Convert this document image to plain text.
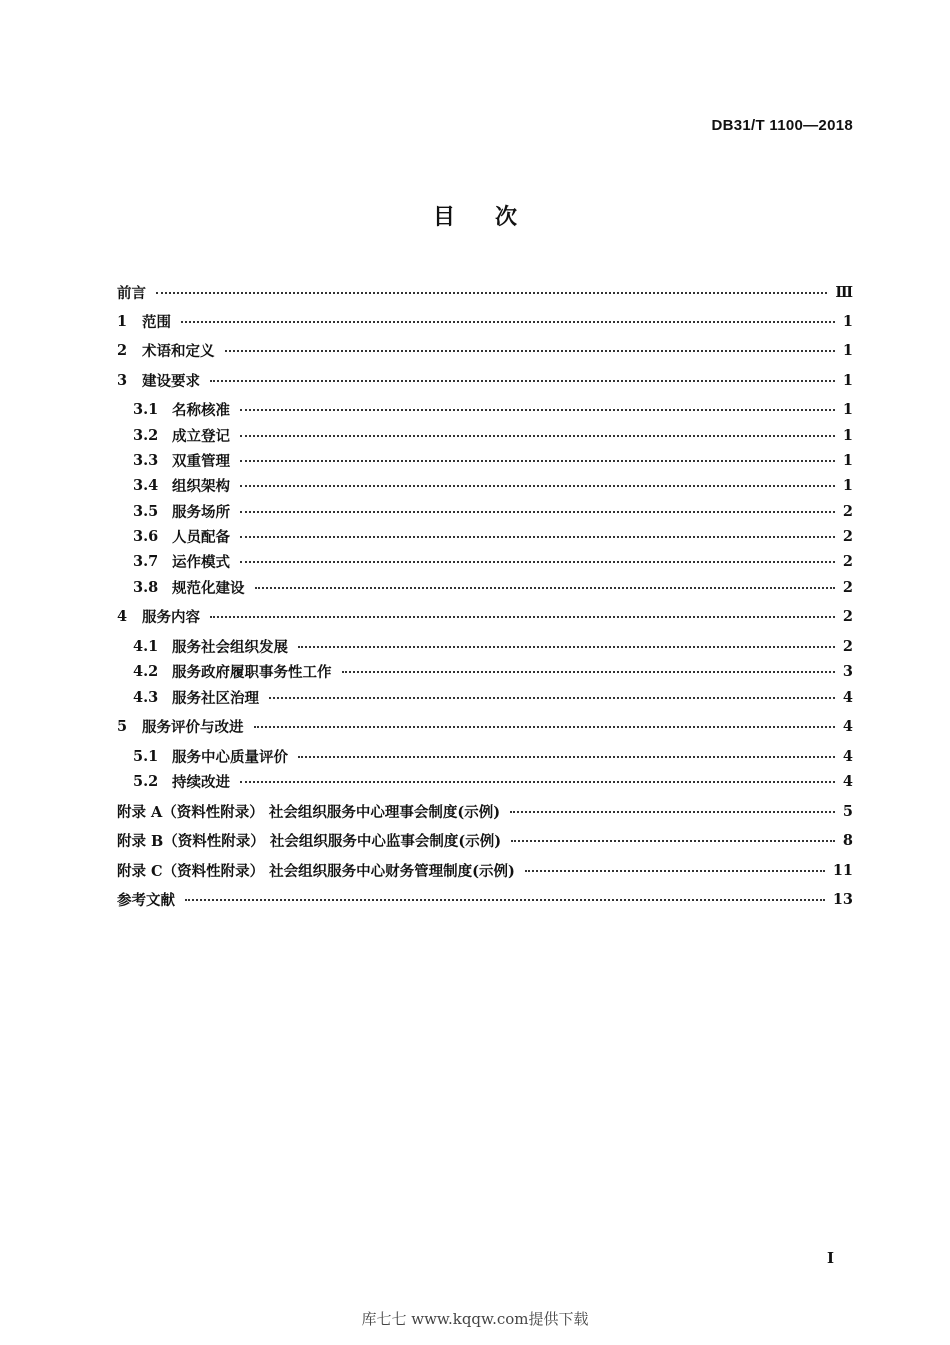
DB31/T 1100—2018
目 次
前言	Ⅲ
1	范围	1
2	术语和定义	1
3	建设要求	1
3.1 名称核准	1
3.2 成立登记	1
3.3 双重管理	1
3.4 组织架构	1
3.5 服务场所	2
3.6 人员配备	2
3.7 运作模式	2
3.8 规范化建设	2
4	服务内容	2
4.1 服务社会组织发展	2
4.2 服务政府履职事务性工作	3
4.3 服务社区治理	4
5	服务评价与改进	4
5.1 服务中心质量评价	4
5.2 持续改进	4
附录 A（资料性附录） 社会组织服务中心理事会制度(示例)	5
附录 B（资料性附录） 社会组织服务中心监事会制度(示例)	8
附录 C（资料性附录） 社会组织服务中心财务管理制度(示例)	11
参考文献	13
I
库七七 www.kqqw.com提供下载
